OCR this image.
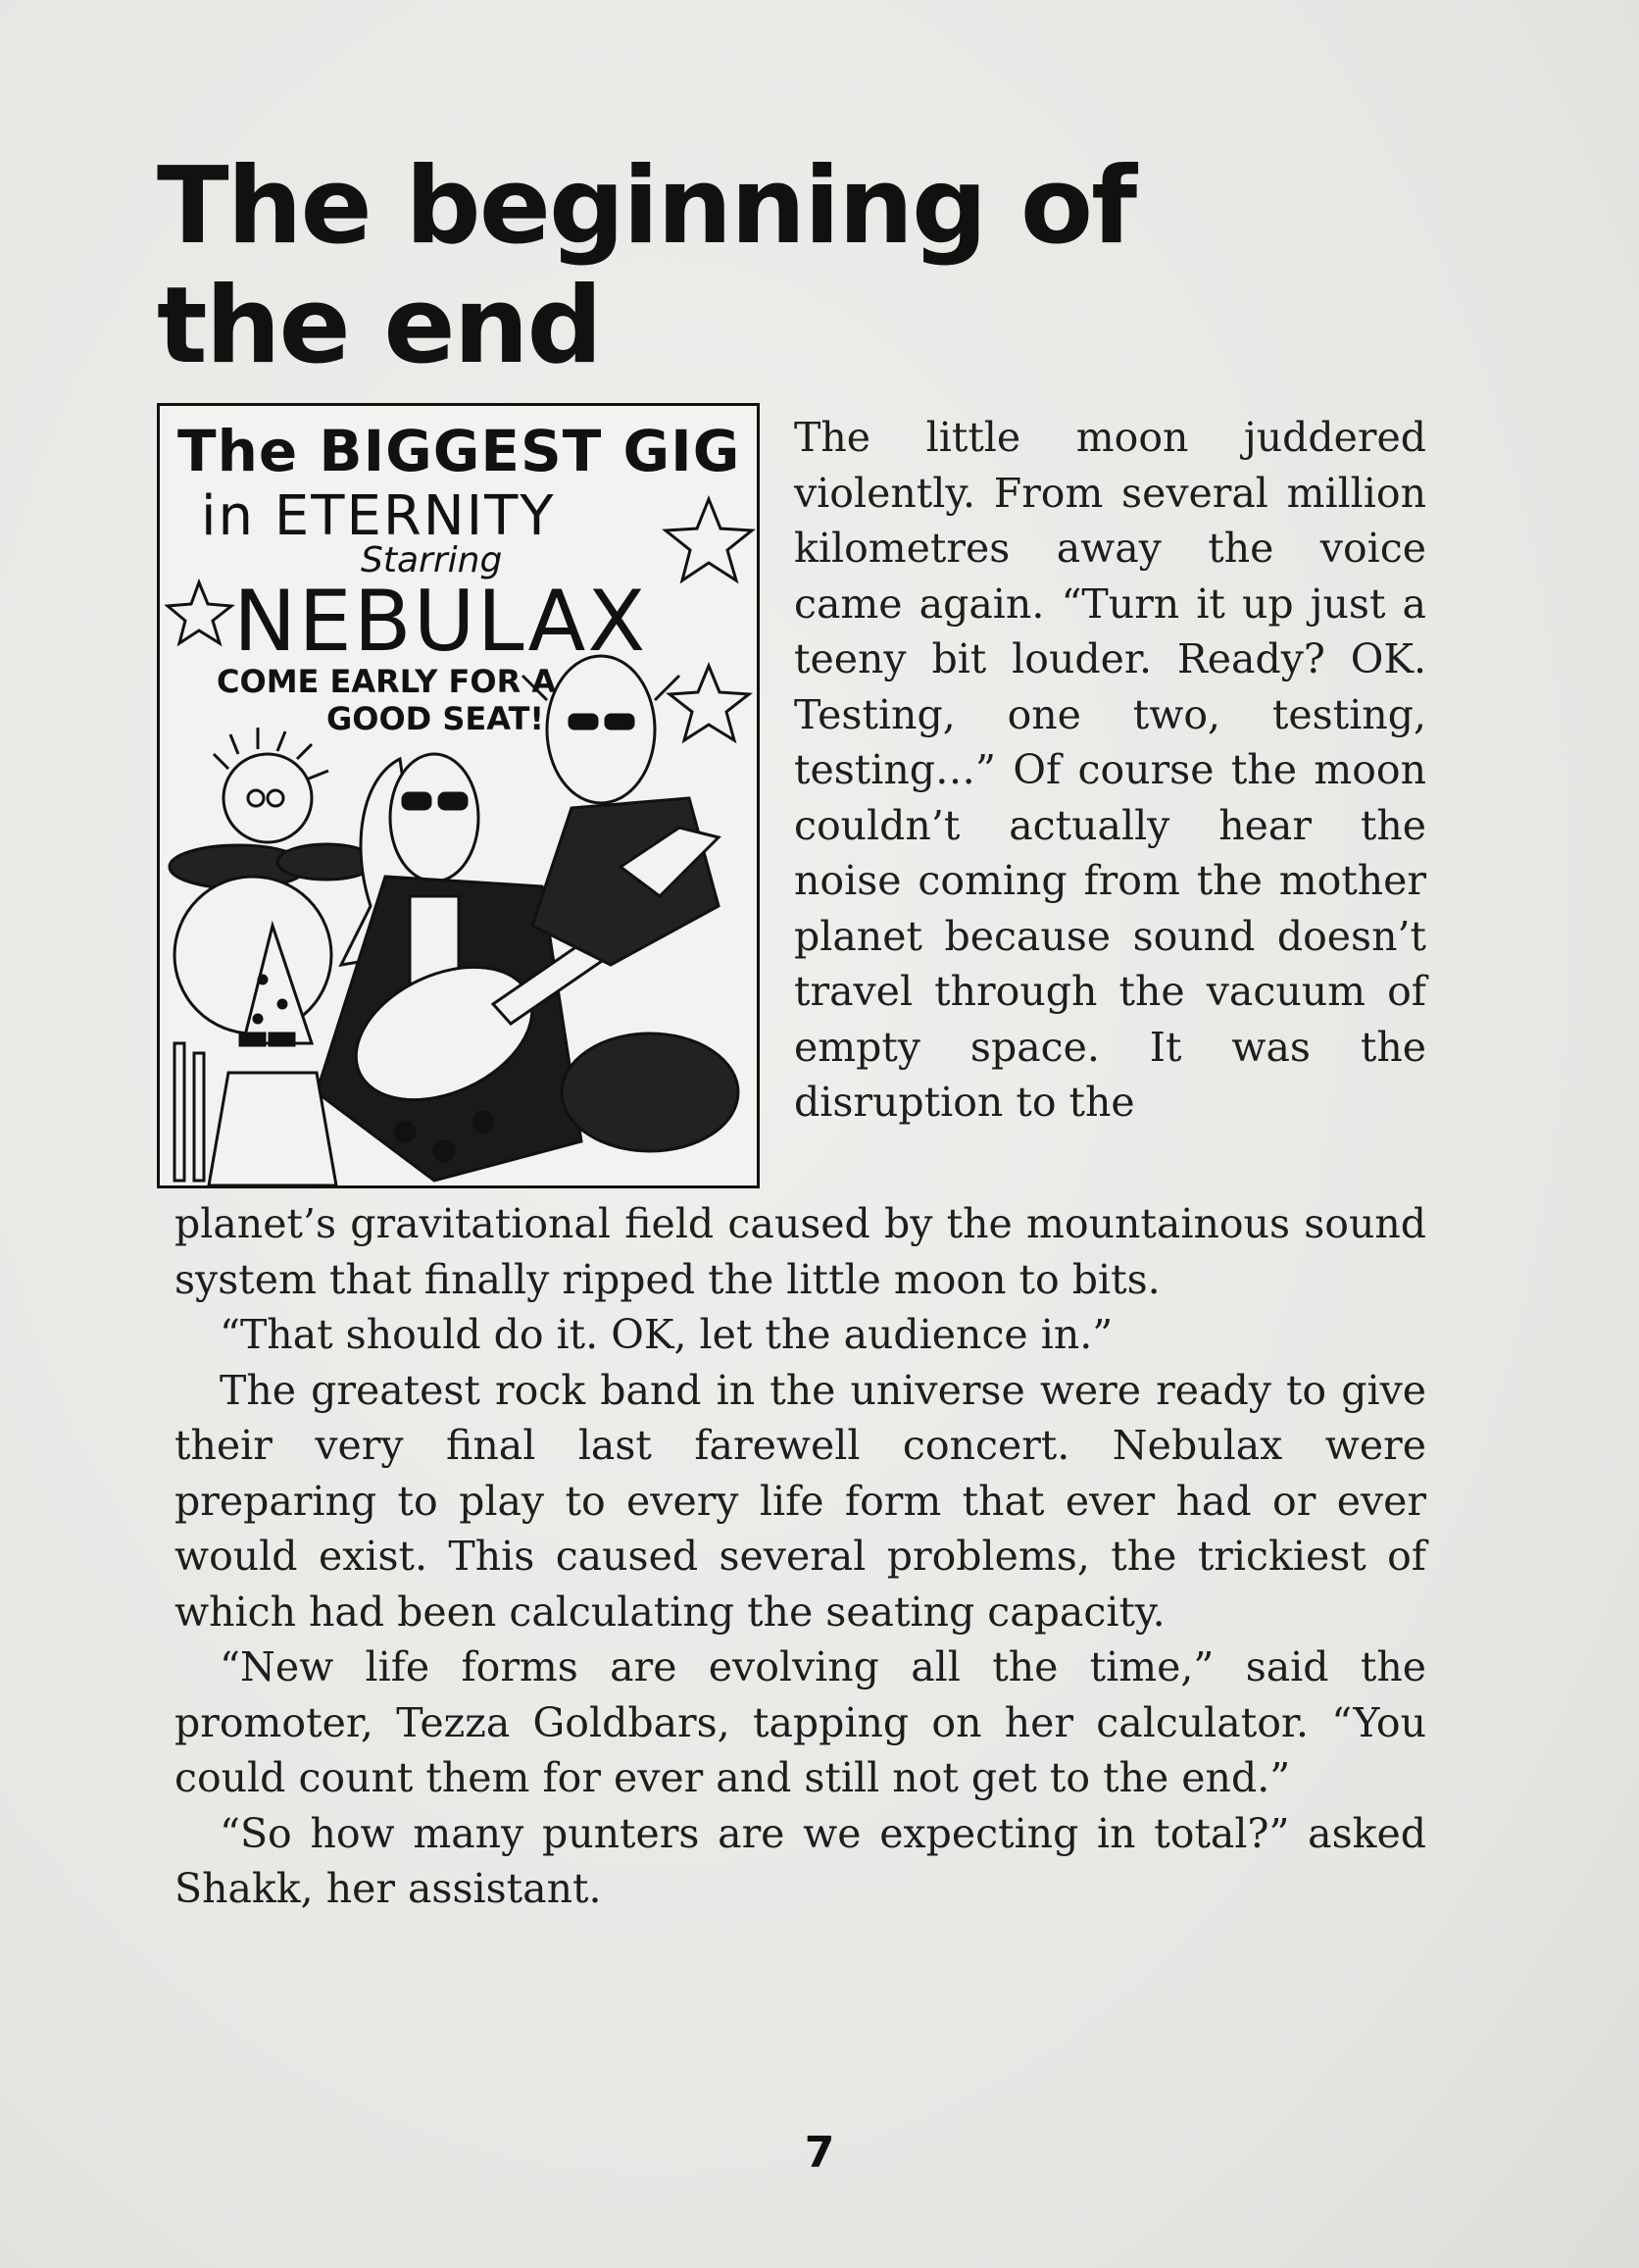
The beginning of
the end
The BIGGEST GIG
in ETERNITY
Starring
NEBULAX
COME EARLY FOR A
GOOD SEAT!

The little moon juddered violently. From several million kilometres away the voice came again. “Turn it up just a teeny bit louder. Ready? OK. Testing, one two, testing, testing…” Of course the moon couldn’t actually hear the noise coming from the mother planet because sound doesn’t travel through the vacuum of empty space. It was the disruption to the

planet’s gravitational field caused by the mountainous sound system that finally ripped the little moon to bits.

“That should do it. OK, let the audience in.”

The greatest rock band in the universe were ready to give their very final last farewell concert. Nebulax were preparing to play to every life form that ever had or ever would exist. This caused several problems, the trickiest of which had been calculating the seating capacity.

“New life forms are evolving all the time,” said the promoter, Tezza Goldbars, tapping on her calculator. “You could count them for ever and still not get to the end.”

“So how many punters are we expecting in total?” asked Shakk, her assistant.

7
